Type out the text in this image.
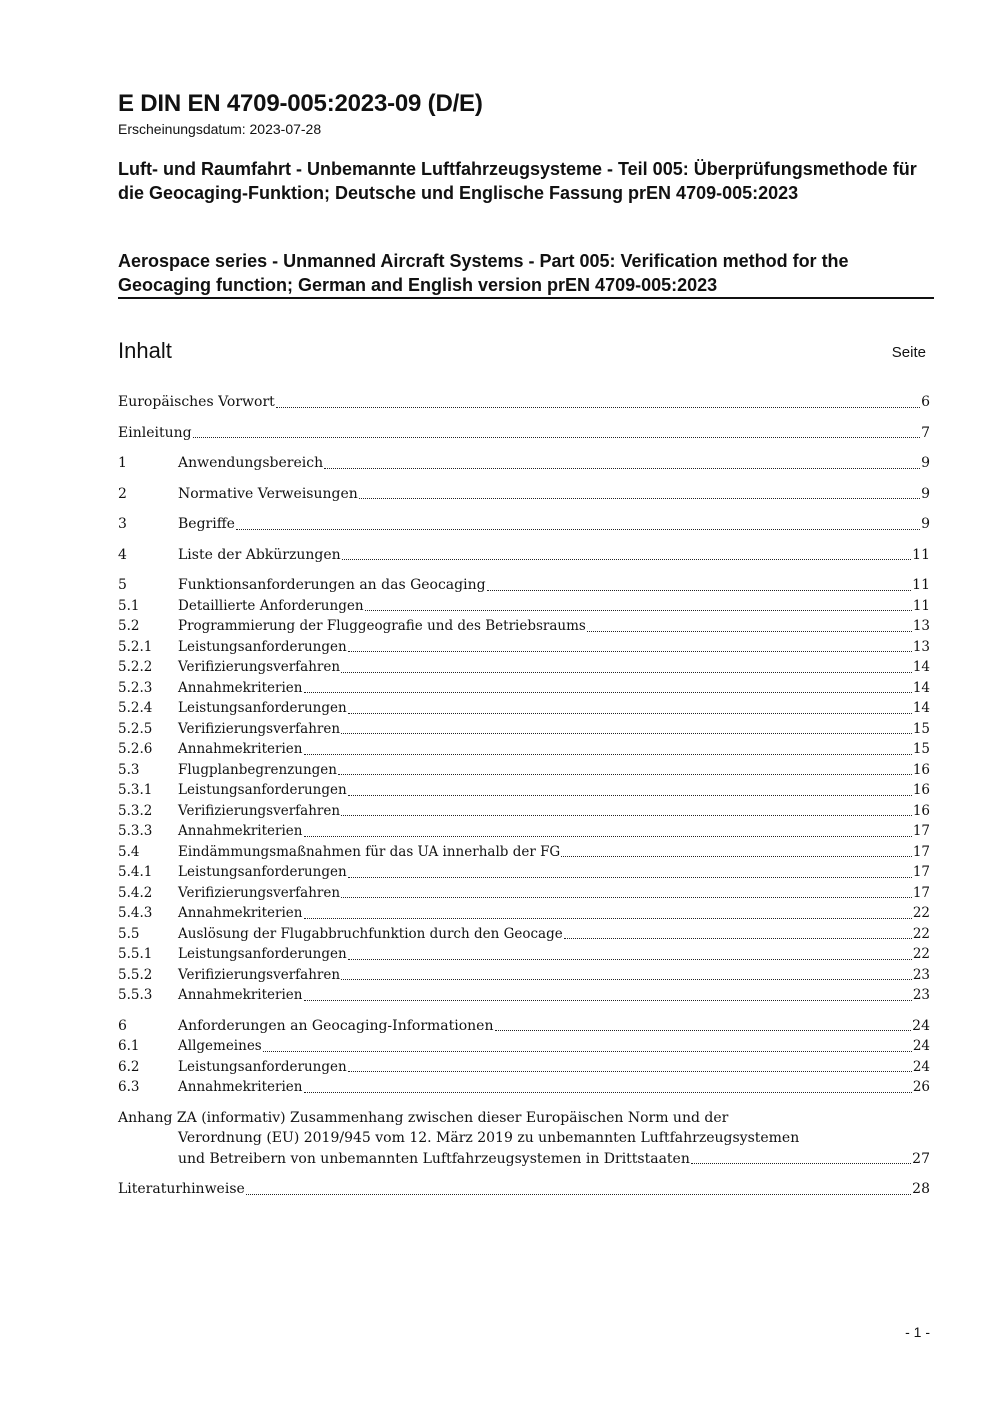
E DIN EN 4709-005:2023-09 (D/E)
Erscheinungsdatum: 2023-07-28
Luft- und Raumfahrt - Unbemannte Luftfahrzeugsysteme - Teil 005: Überprüfungsmethode für die Geocaging-Funktion; Deutsche und Englische Fassung prEN 4709-005:2023
Aerospace series - Unmanned Aircraft Systems - Part 005: Verification method for the Geocaging function; German and English version prEN 4709-005:2023
Inhalt	Seite
Europäisches Vorwort	6
Einleitung	7
1	Anwendungsbereich	9
2	Normative Verweisungen	9
3	Begriffe	9
4	Liste der Abkürzungen	11
5	Funktionsanforderungen an das Geocaging	11
5.1	Detaillierte Anforderungen	11
5.2	Programmierung der Fluggeografie und des Betriebsraums	13
5.2.1	Leistungsanforderungen	13
5.2.2	Verifizierungsverfahren	14
5.2.3	Annahmekriterien	14
5.2.4	Leistungsanforderungen	14
5.2.5	Verifizierungsverfahren	15
5.2.6	Annahmekriterien	15
5.3	Flugplanbegrenzungen	16
5.3.1	Leistungsanforderungen	16
5.3.2	Verifizierungsverfahren	16
5.3.3	Annahmekriterien	17
5.4	Eindämmungsmaßnahmen für das UA innerhalb der FG	17
5.4.1	Leistungsanforderungen	17
5.4.2	Verifizierungsverfahren	17
5.4.3	Annahmekriterien	22
5.5	Auslösung der Flugabbruchfunktion durch den Geocage	22
5.5.1	Leistungsanforderungen	22
5.5.2	Verifizierungsverfahren	23
5.5.3	Annahmekriterien	23
6	Anforderungen an Geocaging-Informationen	24
6.1	Allgemeines	24
6.2	Leistungsanforderungen	24
6.3	Annahmekriterien	26
Anhang ZA (informativ) Zusammenhang zwischen dieser Europäischen Norm und der
Verordnung (EU) 2019/945 vom 12. März 2019 zu unbemannten Luftfahrzeugsystemen
und Betreibern von unbemannten Luftfahrzeugsystemen in Drittstaaten	27
Literaturhinweise	28
- 1 -
